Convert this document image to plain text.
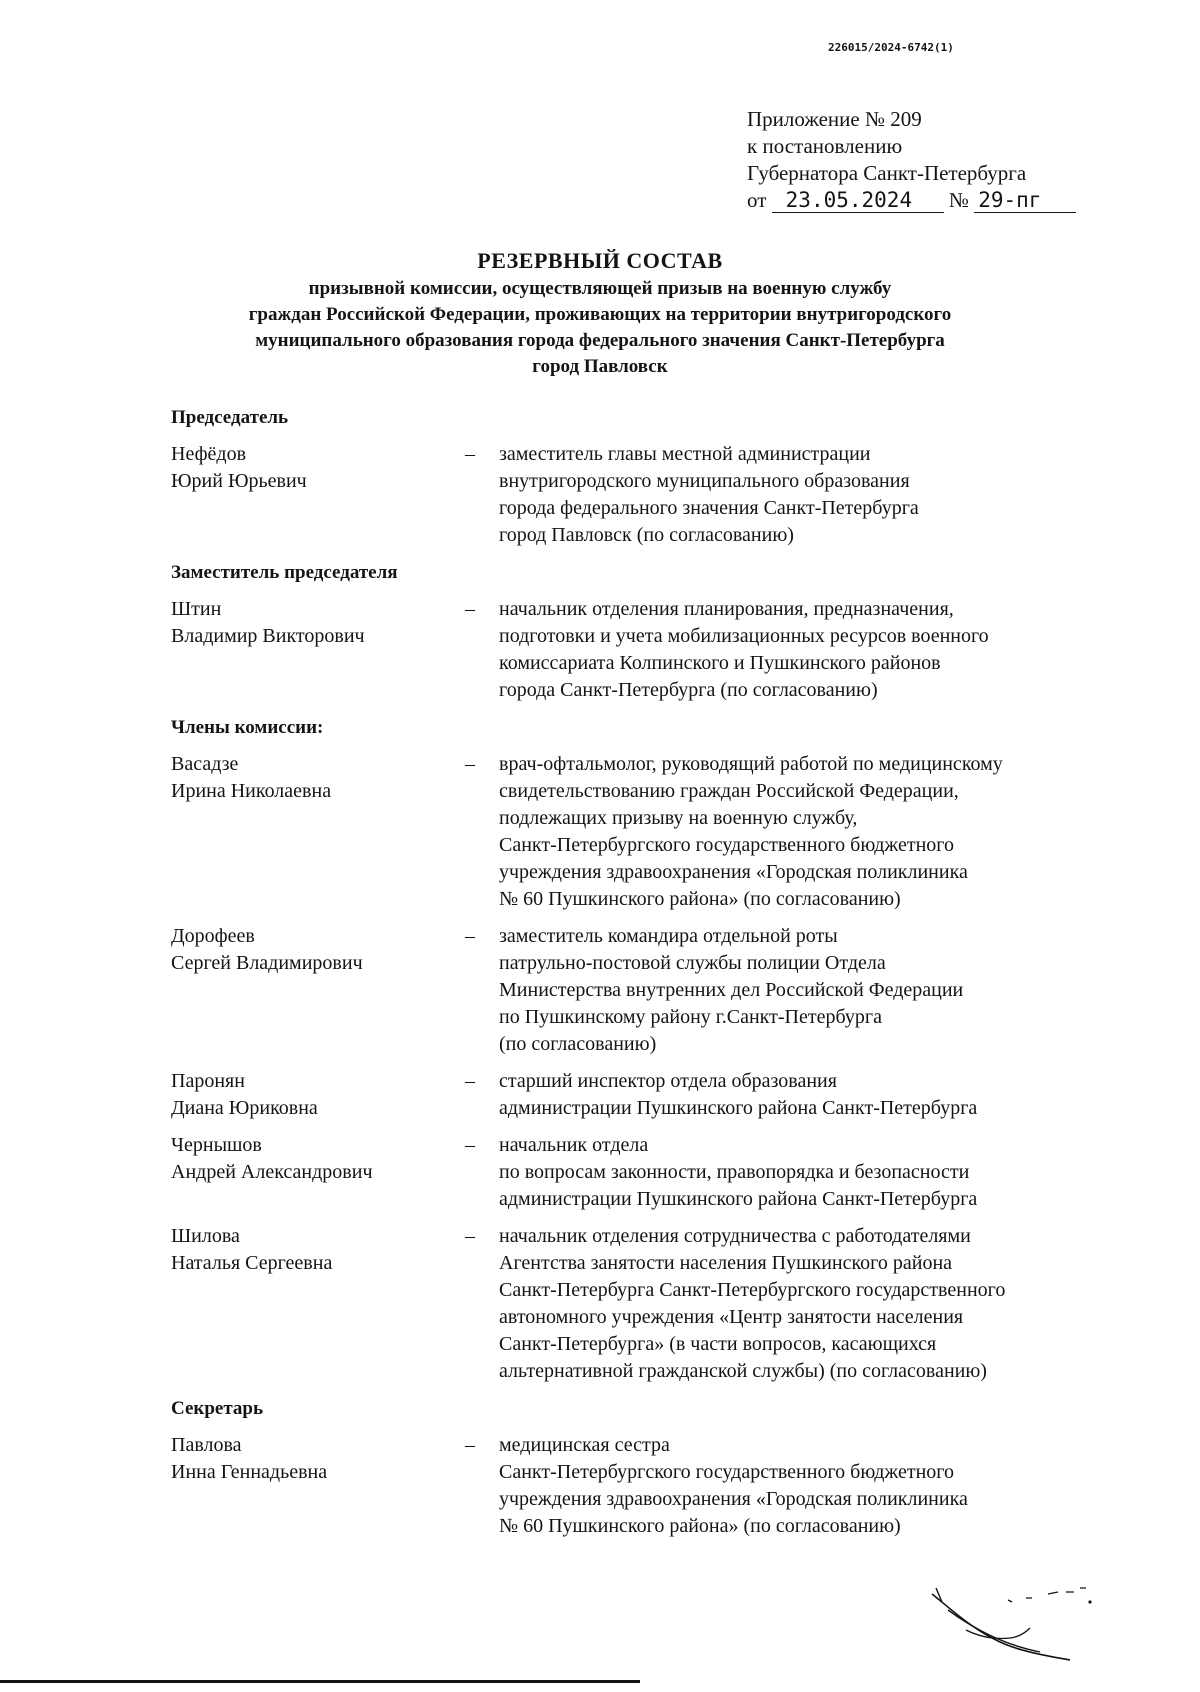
226015/2024-6742(1)
Приложение № 209
к постановлению
Губернатора Санкт-Петербурга
от 23.05.2024 № 29-пг
РЕЗЕРВНЫЙ СОСТАВ
призывной комиссии, осуществляющей призыв на военную службу
граждан Российской Федерации, проживающих на территории внутригородского
муниципального образования города федерального значения Санкт-Петербурга
город Павловск
Председатель
Нефёдов
Юрий Юрьевич
–	заместитель главы местной администрации
внутригородского муниципального образования
города федерального значения Санкт-Петербурга
город Павловск (по согласованию)
Заместитель председателя
Штин
Владимир Викторович
–	начальник отделения планирования, предназначения,
подготовки и учета мобилизационных ресурсов военного
комиссариата Колпинского и Пушкинского районов
города Санкт-Петербурга (по согласованию)
Члены комиссии:
Васадзе
Ирина Николаевна
–	врач-офтальмолог, руководящий работой по медицинскому
свидетельствованию граждан Российской Федерации,
подлежащих призыву на военную службу,
Санкт-Петербургского государственного бюджетного
учреждения здравоохранения «Городская поликлиника
№ 60 Пушкинского района» (по согласованию)
Дорофеев
Сергей Владимирович
–	заместитель командира отдельной роты
патрульно-постовой службы полиции Отдела
Министерства внутренних дел Российской Федерации
по Пушкинскому району г.Санкт-Петербурга
(по согласованию)
Паронян
Диана Юриковна
–	старший инспектор отдела образования
администрации Пушкинского района Санкт-Петербурга
Чернышов
Андрей Александрович
–	начальник отдела
по вопросам законности, правопорядка и безопасности
администрации Пушкинского района Санкт-Петербурга
Шилова
Наталья Сергеевна
–	начальник отделения сотрудничества с работодателями
Агентства занятости населения Пушкинского района
Санкт-Петербурга Санкт-Петербургского государственного
автономного учреждения «Центр занятости населения
Санкт-Петербурга» (в части вопросов, касающихся
альтернативной гражданской службы) (по согласованию)
Секретарь
Павлова
Инна Геннадьевна
–	медицинская сестра
Санкт-Петербургского государственного бюджетного
учреждения здравоохранения «Городская поликлиника
№ 60 Пушкинского района» (по согласованию)
